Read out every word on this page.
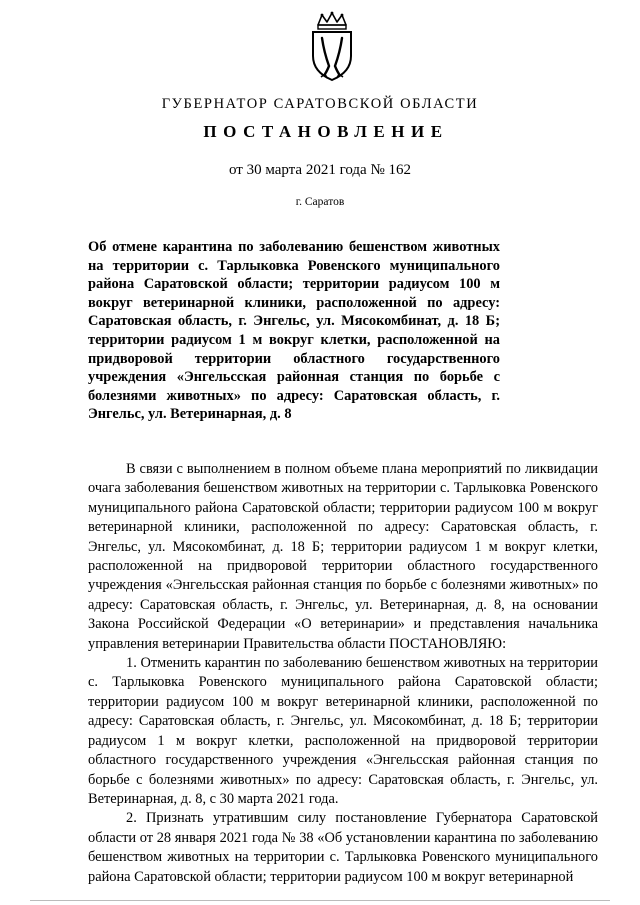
ГУБЕРНАТОР САРАТОВСКОЙ ОБЛАСТИ
ПОСТАНОВЛЕНИЕ
от 30 марта 2021 года № 162
г. Саратов

Об отмене карантина по заболеванию бешенством животных на территории с. Тарлыковка Ровенского муниципального района Саратовской области; территории радиусом 100 м вокруг ветеринарной клиники, расположенной по адресу: Саратовская область, г. Энгельс, ул. Мясокомбинат, д. 18 Б; территории радиусом 1 м вокруг клетки, расположенной на придворовой территории областного государственного учреждения «Энгельсская районная станция по борьбе с болезнями животных» по адресу: Саратовская область, г. Энгельс, ул. Ветеринарная, д. 8

В связи с выполнением в полном объеме плана мероприятий по ликвидации очага заболевания бешенством животных на территории с. Тарлыковка Ровенского муниципального района Саратовской области; территории радиусом 100 м вокруг ветеринарной клиники, расположенной по адресу: Саратовская область, г. Энгельс, ул. Мясокомбинат, д. 18 Б; территории радиусом 1 м вокруг клетки, расположенной на придворовой территории областного государственного учреждения «Энгельсская районная станция по борьбе с болезнями животных» по адресу: Саратовская область, г. Энгельс, ул. Ветеринарная, д. 8, на основании Закона Российской Федерации «О ветеринарии» и представления начальника управления ветеринарии Правительства области ПОСТАНОВЛЯЮ:

1. Отменить карантин по заболеванию бешенством животных на территории с. Тарлыковка Ровенского муниципального района Саратовской области; территории радиусом 100 м вокруг ветеринарной клиники, расположенной по адресу: Саратовская область, г. Энгельс, ул. Мясокомбинат, д. 18 Б; территории радиусом 1 м вокруг клетки, расположенной на придворовой территории областного государственного учреждения «Энгельсская районная станция по борьбе с болезнями животных» по адресу: Саратовская область, г. Энгельс, ул. Ветеринарная, д. 8, с 30 марта 2021 года.

2. Признать утратившим силу постановление Губернатора Саратовской области от 28 января 2021 года № 38 «Об установлении карантина по заболеванию бешенством животных на территории с. Тарлыковка Ровенского муниципального района Саратовской области; территории радиусом 100 м вокруг ветеринарной
